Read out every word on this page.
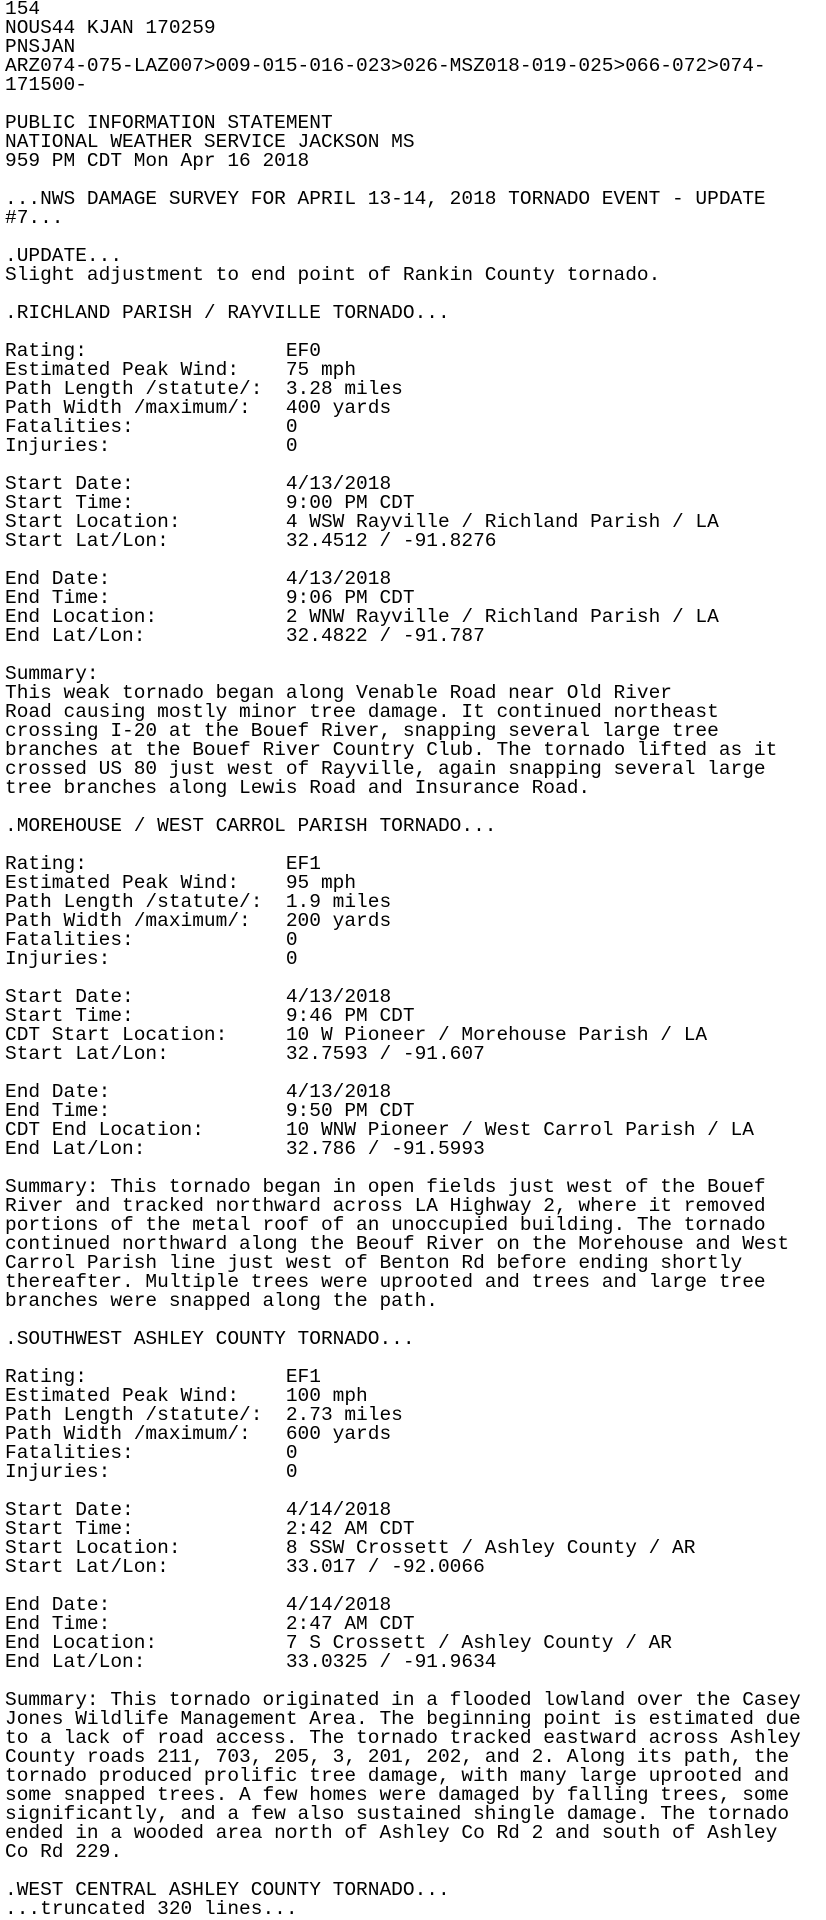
154
NOUS44 KJAN 170259
PNSJAN
ARZ074-075-LAZ007>009-015-016-023>026-MSZ018-019-025>066-072>074-
171500-
PUBLIC INFORMATION STATEMENT
NATIONAL WEATHER SERVICE JACKSON MS
959 PM CDT Mon Apr 16 2018
...NWS DAMAGE SURVEY FOR APRIL 13-14, 2018 TORNADO EVENT - UPDATE
#7...
.UPDATE...
Slight adjustment to end point of Rankin County tornado.
.RICHLAND PARISH / RAYVILLE TORNADO...
Rating:                 EF0
Estimated Peak Wind:    75 mph
Path Length /statute/:  3.28 miles
Path Width /maximum/:   400 yards
Fatalities:             0
Injuries:               0
Start Date:             4/13/2018
Start Time:             9:00 PM CDT
Start Location:         4 WSW Rayville / Richland Parish / LA
Start Lat/Lon:          32.4512 / -91.8276
End Date:               4/13/2018
End Time:               9:06 PM CDT
End Location:           2 WNW Rayville / Richland Parish / LA
End Lat/Lon:            32.4822 / -91.787
Summary:
This weak tornado began along Venable Road near Old River
Road causing mostly minor tree damage. It continued northeast
crossing I-20 at the Bouef River, snapping several large tree
branches at the Bouef River Country Club. The tornado lifted as it
crossed US 80 just west of Rayville, again snapping several large
tree branches along Lewis Road and Insurance Road.
.MOREHOUSE / WEST CARROL PARISH TORNADO...
Rating:                 EF1
Estimated Peak Wind:    95 mph
Path Length /statute/:  1.9 miles
Path Width /maximum/:   200 yards
Fatalities:             0
Injuries:               0
Start Date:             4/13/2018
Start Time:             9:46 PM CDT
CDT Start Location:     10 W Pioneer / Morehouse Parish / LA
Start Lat/Lon:          32.7593 / -91.607
End Date:               4/13/2018
End Time:               9:50 PM CDT
CDT End Location:       10 WNW Pioneer / West Carrol Parish / LA
End Lat/Lon:            32.786 / -91.5993
Summary: This tornado began in open fields just west of the Bouef
River and tracked northward across LA Highway 2, where it removed
portions of the metal roof of an unoccupied building. The tornado
continued northward along the Beouf River on the Morehouse and West
Carrol Parish line just west of Benton Rd before ending shortly
thereafter. Multiple trees were uprooted and trees and large tree
branches were snapped along the path.
.SOUTHWEST ASHLEY COUNTY TORNADO...
Rating:                 EF1
Estimated Peak Wind:    100 mph
Path Length /statute/:  2.73 miles
Path Width /maximum/:   600 yards
Fatalities:             0
Injuries:               0
Start Date:             4/14/2018
Start Time:             2:42 AM CDT
Start Location:         8 SSW Crossett / Ashley County / AR
Start Lat/Lon:          33.017 / -92.0066
End Date:               4/14/2018
End Time:               2:47 AM CDT
End Location:           7 S Crossett / Ashley County / AR
End Lat/Lon:            33.0325 / -91.9634
Summary: This tornado originated in a flooded lowland over the Casey
Jones Wildlife Management Area. The beginning point is estimated due
to a lack of road access. The tornado tracked eastward across Ashley
County roads 211, 703, 205, 3, 201, 202, and 2. Along its path, the
tornado produced prolific tree damage, with many large uprooted and
some snapped trees. A few homes were damaged by falling trees, some
significantly, and a few also sustained shingle damage. The tornado
ended in a wooded area north of Ashley Co Rd 2 and south of Ashley
Co Rd 229.
.WEST CENTRAL ASHLEY COUNTY TORNADO...
...truncated 320 lines...
